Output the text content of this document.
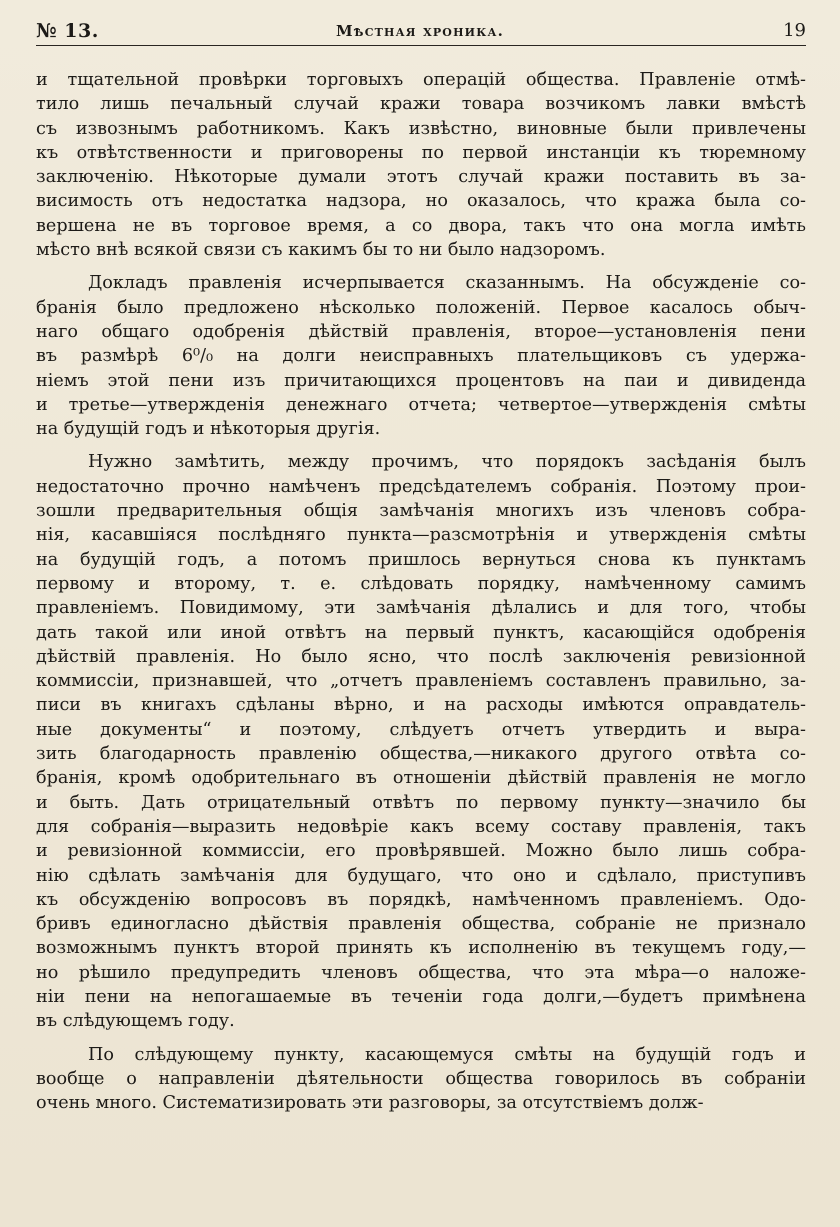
№ 13.	Мѣстная хроника.	19
и тщательной провѣрки торговыхъ операцій общества. Правленіе отмѣ-
тило лишь печальный случай кражи товара возчикомъ лавки вмѣстѣ
съ извознымъ работникомъ. Какъ извѣстно, виновные были привлечены
къ отвѣтственности и приговорены по первой инстанціи къ тюремному
заключенію. Нѣкоторые думали этотъ случай кражи поставить въ за-
висимость отъ недостатка надзора, но оказалось, что кража была со-
вершена не въ торговое время, а со двора, такъ что она могла имѣть
мѣсто внѣ всякой связи съ какимъ бы то ни было надзоромъ.
Докладъ правленія исчерпывается сказаннымъ. На обсужденіе со-
бранія было предложено нѣсколько положеній. Первое касалось обыч-
наго общаго одобренія дѣйствій правленія, второе—установленія пени
въ размѣрѣ 6⁰/₀ на долги неисправныхъ плательщиковъ съ удержа-
ніемъ этой пени изъ причитающихся процентовъ на паи и дивиденда
и третье—утвержденія денежнаго отчета; четвертое—утвержденія смѣты
на будущій годъ и нѣкоторыя другія.
Нужно замѣтить, между прочимъ, что порядокъ засѣданія былъ
недостаточно прочно намѣченъ предсѣдателемъ собранія. Поэтому прои-
зошли предварительныя общія замѣчанія многихъ изъ членовъ собра-
нія, касавшіяся послѣдняго пункта—разсмотрѣнія и утвержденія смѣты
на будущій годъ, а потомъ пришлось вернуться снова къ пунктамъ
первому и второму, т. е. слѣдовать порядку, намѣченному самимъ
правленіемъ. Повидимому, эти замѣчанія дѣлались и для того, чтобы
дать такой или иной отвѣтъ на первый пунктъ, касающійся одобренія
дѣйствій правленія. Но было ясно, что послѣ заключенія ревизіонной
коммиссіи, признавшей, что „отчетъ правленіемъ составленъ правильно, за-
писи въ книгахъ сдѣланы вѣрно, и на расходы имѣются оправдатель-
ные документы“ и поэтому, слѣдуетъ отчетъ утвердить и выра-
зить благодарность правленію общества,—никакого другого отвѣта со-
бранія, кромѣ одобрительнаго въ отношеніи дѣйствій правленія не могло
и быть. Дать отрицательный отвѣтъ по первому пункту—значило бы
для собранія—выразить недовѣріе какъ всему составу правленія, такъ
и ревизіонной коммиссіи, его провѣрявшей. Можно было лишь собра-
нію сдѣлать замѣчанія для будущаго, что оно и сдѣлало, приступивъ
къ обсужденію вопросовъ въ порядкѣ, намѣченномъ правленіемъ. Одо-
бривъ единогласно дѣйствія правленія общества, собраніе не признало
возможнымъ пунктъ второй принять къ исполненію въ текущемъ году,—
но рѣшило предупредить членовъ общества, что эта мѣра—о наложе-
ніи пени на непогашаемые въ теченіи года долги,—будетъ примѣнена
въ слѣдующемъ году.
По слѣдующему пункту, касающемуся смѣты на будущій годъ и
вообще о направленіи дѣятельности общества говорилось въ собраніи
очень много. Систематизировать эти разговоры, за отсутствіемъ долж-
